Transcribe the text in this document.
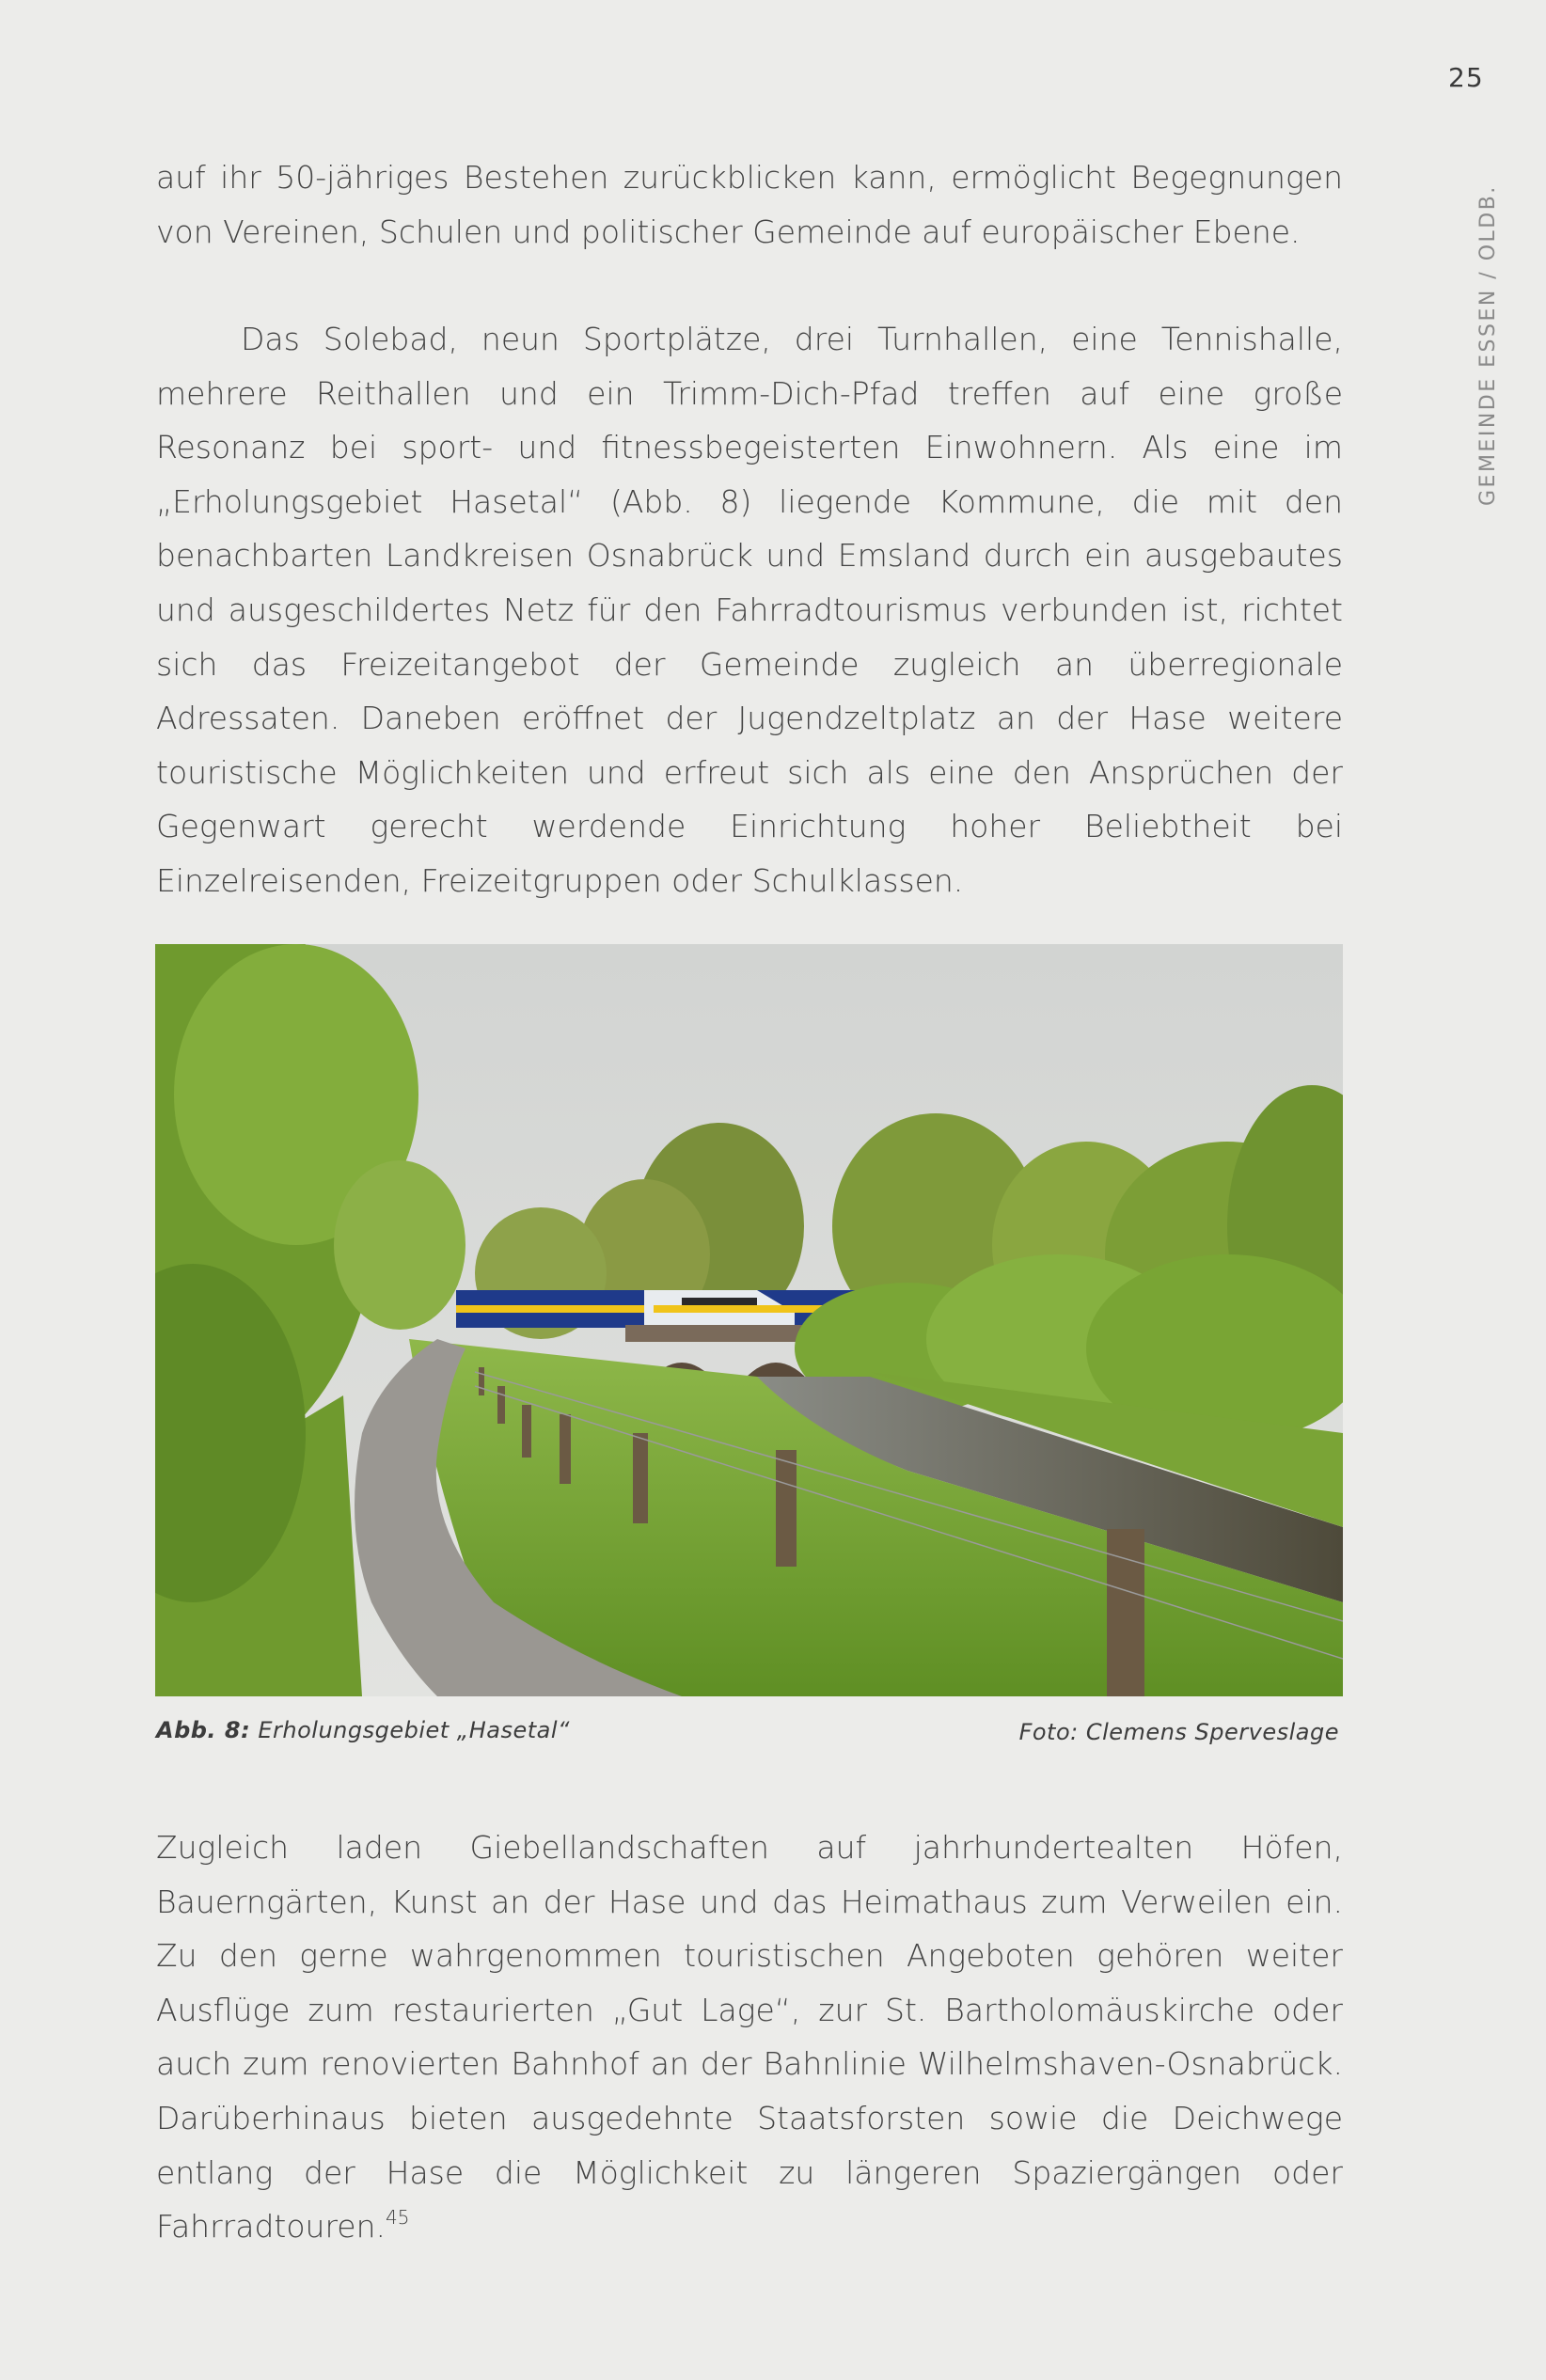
25
GEMEINDE ESSEN / OLDB.

auf ihr 50-jähriges Bestehen zurückblicken kann, ermöglicht Begegnungen von Vereinen, Schulen und politischer Gemeinde auf europäischer Ebene.

Das Solebad, neun Sportplätze, drei Turnhallen, eine Tennishalle, mehrere Reithallen und ein Trimm-Dich-Pfad treffen auf eine große Resonanz bei sport- und fitnessbegeisterten Einwohnern. Als eine im „Erholungsgebiet Hasetal“ (Abb. 8) liegende Kommune, die mit den benachbarten Landkreisen Osnabrück und Emsland durch ein ausgebautes und ausgeschildertes Netz für den Fahrradtourismus verbunden ist, richtet sich das Freizeitangebot der Gemeinde zugleich an überregionale Adressaten. Daneben eröffnet der Jugendzeltplatz an der Hase weitere touristische Möglichkeiten und erfreut sich als eine den Ansprüchen der Gegenwart gerecht werdende Einrichtung hoher Beliebtheit bei Einzelreisenden, Freizeitgruppen oder Schulklassen.

Abb. 8: Erholungsgebiet „Hasetal“	Foto: Clemens Sperveslage

Zugleich laden Giebellandschaften auf jahrhundertealten Höfen, Bauerngärten, Kunst an der Hase und das Heimathaus zum Verweilen ein. Zu den gerne wahrgenommen touristischen Angeboten gehören weiter Ausflüge zum restaurierten „Gut Lage“, zur St. Bartholomäuskirche oder auch zum renovierten Bahnhof an der Bahnlinie Wilhelmshaven-Osnabrück. Darüberhinaus bieten ausgedehnte Staatsforsten sowie die Deichwege entlang der Hase die Möglichkeit zu längeren Spaziergängen oder Fahrradtouren.$^{45}$
